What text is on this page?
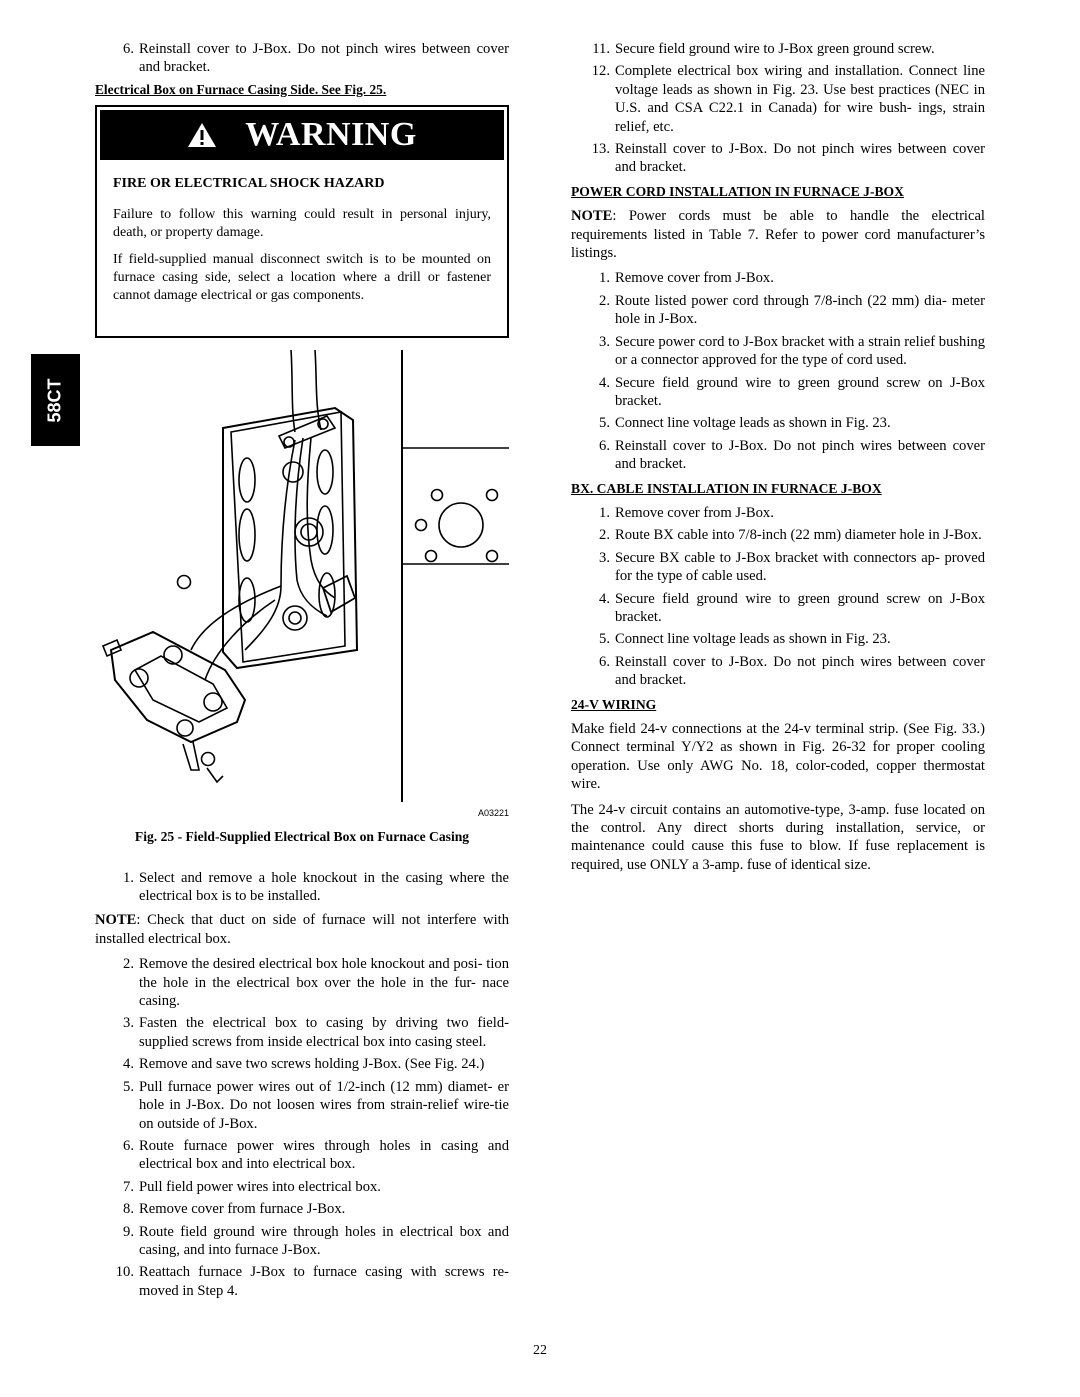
58CT
6. Reinstall cover to J-Box. Do not pinch wires between cover and bracket.
Electrical Box on Furnace Casing Side. See Fig. 25.
WARNING
FIRE OR ELECTRICAL SHOCK HAZARD

Failure to follow this warning could result in personal injury, death, or property damage.

If field-supplied manual disconnect switch is to be mounted on furnace casing side, select a location where a drill or fastener cannot damage electrical or gas components.

A03221
Fig. 25 - Field-Supplied Electrical Box on Furnace Casing
1. Select and remove a hole knockout in the casing where the electrical box is to be installed.

NOTE: Check that duct on side of furnace will not interfere with installed electrical box.

2. Remove the desired electrical box hole knockout and posi- tion the hole in the electrical box over the hole in the fur- nace casing.
3. Fasten the electrical box to casing by driving two field- supplied screws from inside electrical box into casing steel.
4. Remove and save two screws holding J-Box. (See Fig. 24.)
5. Pull furnace power wires out of 1/2-inch (12 mm) diamet- er hole in J-Box. Do not loosen wires from strain-relief wire-tie on outside of J-Box.
6. Route furnace power wires through holes in casing and electrical box and into electrical box.
7. Pull field power wires into electrical box.
8. Remove cover from furnace J-Box.
9. Route field ground wire through holes in electrical box and casing, and into furnace J-Box.
10. Reattach furnace J-Box to furnace casing with screws re- moved in Step 4.
11. Secure field ground wire to J-Box green ground screw.
12. Complete electrical box wiring and installation. Connect line voltage leads as shown in Fig. 23. Use best practices (NEC in U.S. and CSA C22.1 in Canada) for wire bush- ings, strain relief, etc.
13. Reinstall cover to J-Box. Do not pinch wires between cover and bracket.
POWER CORD INSTALLATION IN FURNACE J-BOX

NOTE: Power cords must be able to handle the electrical requirements listed in Table 7. Refer to power cord manufacturer’s listings.

1. Remove cover from J-Box.
2. Route listed power cord through 7/8-inch (22 mm) dia- meter hole in J-Box.
3. Secure power cord to J-Box bracket with a strain relief bushing or a connector approved for the type of cord used.
4. Secure field ground wire to green ground screw on J-Box bracket.
5. Connect line voltage leads as shown in Fig. 23.
6. Reinstall cover to J-Box. Do not pinch wires between cover and bracket.
BX. CABLE INSTALLATION IN FURNACE J-BOX
1. Remove cover from J-Box.
2. Route BX cable into 7/8-inch (22 mm) diameter hole in J-Box.
3. Secure BX cable to J-Box bracket with connectors ap- proved for the type of cable used.
4. Secure field ground wire to green ground screw on J-Box bracket.
5. Connect line voltage leads as shown in Fig. 23.
6. Reinstall cover to J-Box. Do not pinch wires between cover and bracket.
24-V WIRING

Make field 24-v connections at the 24-v terminal strip. (See Fig. 33.) Connect terminal Y/Y2 as shown in Fig. 26-32 for proper cooling operation. Use only AWG No. 18, color-coded, copper thermostat wire.

The 24-v circuit contains an automotive-type, 3-amp. fuse located on the control. Any direct shorts during installation, service, or maintenance could cause this fuse to blow. If fuse replacement is required, use ONLY a 3-amp. fuse of identical size.

22
